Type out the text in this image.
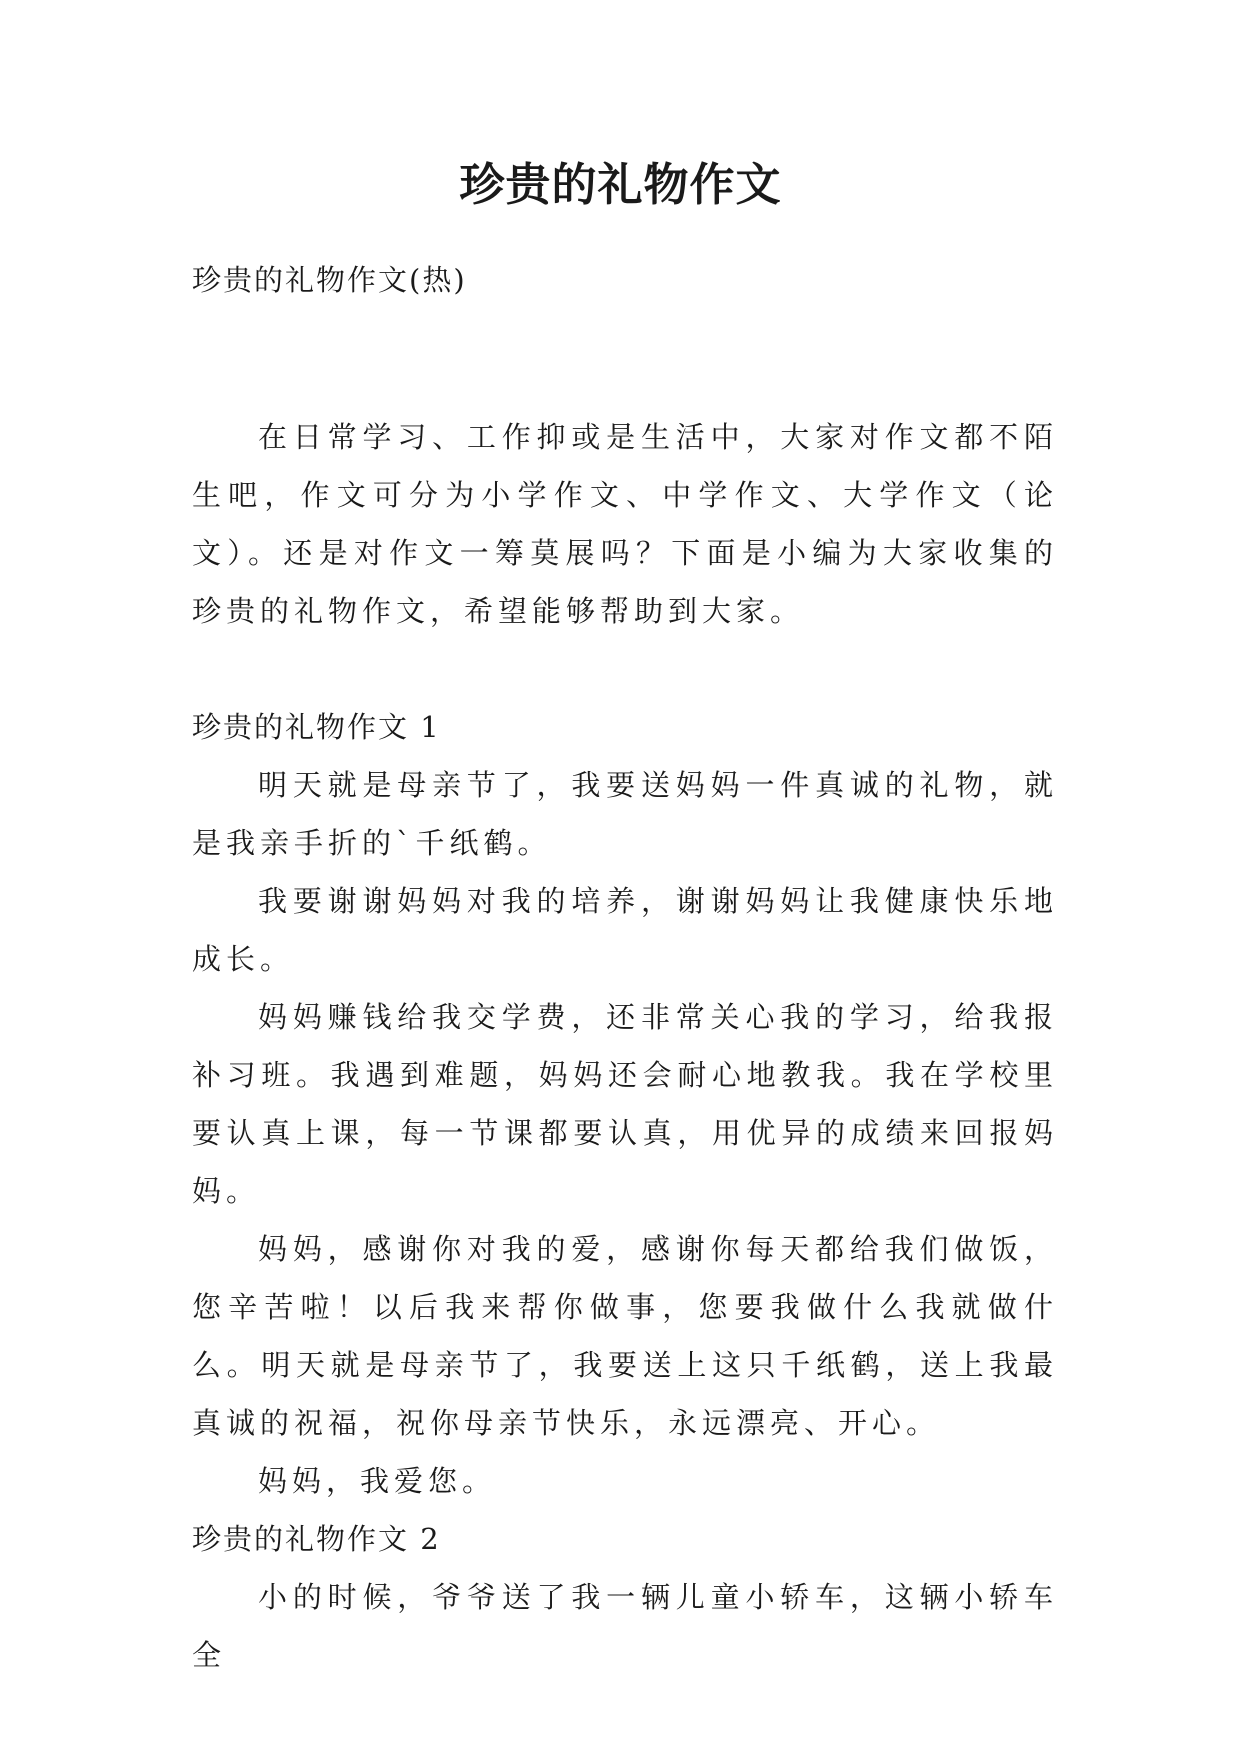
珍贵的礼物作文
珍贵的礼物作文(热)

在日常学习、工作抑或是生活中，大家对作文都不陌生吧，作文可分为小学作文、中学作文、大学作文（论文）。还是对作文一筹莫展吗？下面是小编为大家收集的珍贵的礼物作文，希望能够帮助到大家。

珍贵的礼物作文 1

明天就是母亲节了，我要送妈妈一件真诚的礼物，就是我亲手折的`千纸鹤。

我要谢谢妈妈对我的培养，谢谢妈妈让我健康快乐地成长。

妈妈赚钱给我交学费，还非常关心我的学习，给我报补习班。我遇到难题，妈妈还会耐心地教我。我在学校里要认真上课，每一节课都要认真，用优异的成绩来回报妈妈。

妈妈，感谢你对我的爱，感谢你每天都给我们做饭，您辛苦啦！以后我来帮你做事，您要我做什么我就做什么。明天就是母亲节了，我要送上这只千纸鹤，送上我最真诚的祝福，祝你母亲节快乐，永远漂亮、开心。

妈妈，我爱您。

珍贵的礼物作文 2

小的时候，爷爷送了我一辆儿童小轿车，这辆小轿车全
